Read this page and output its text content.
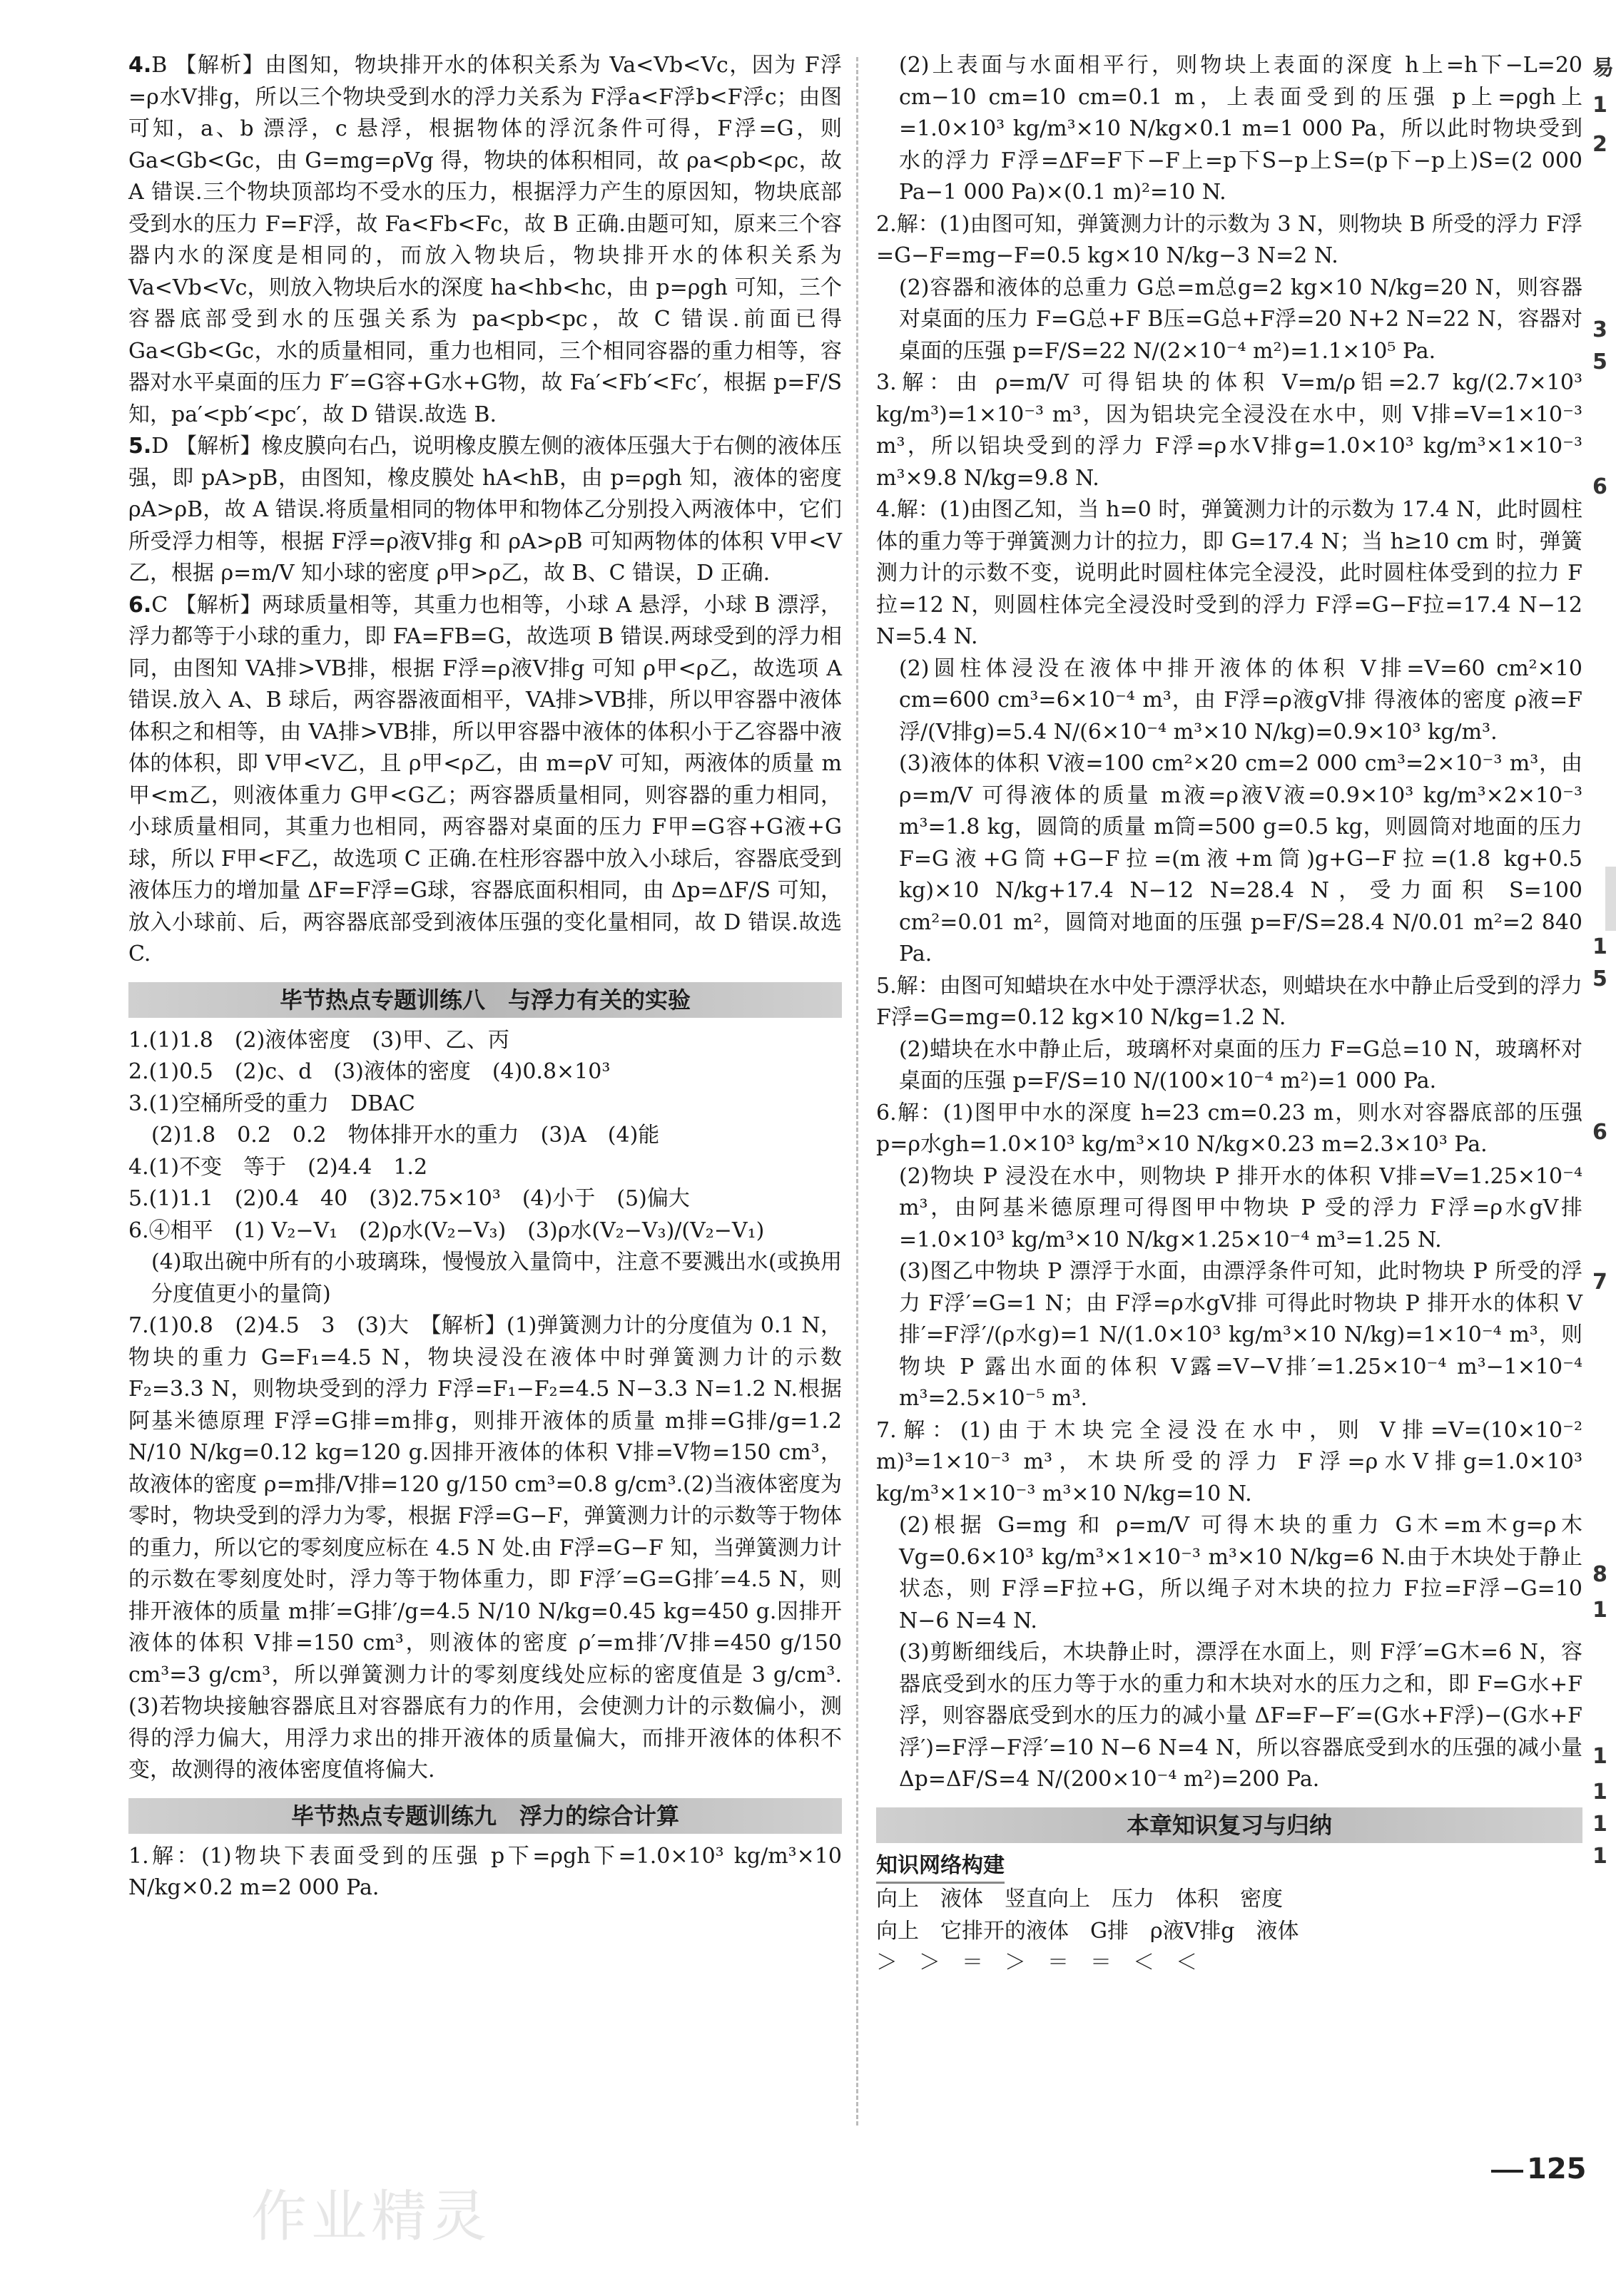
4.B 【解析】由图知，物块排开水的体积关系为 Va<Vb<Vc，因为 F浮=ρ水V排g，所以三个物块受到水的浮力关系为 F浮a<F浮b<F浮c；由图可知，a、b 漂浮，c 悬浮，根据物体的浮沉条件可得，F浮=G，则 Ga<Gb<Gc，由 G=mg=ρVg 得，物块的体积相同，故 ρa<ρb<ρc，故 A 错误.三个物块顶部均不受水的压力，根据浮力产生的原因知，物块底部受到水的压力 F=F浮，故 Fa<Fb<Fc，故 B 正确.由题可知，原来三个容器内水的深度是相同的，而放入物块后，物块排开水的体积关系为 Va<Vb<Vc，则放入物块后水的深度 ha<hb<hc，由 p=ρgh 可知，三个容器底部受到水的压强关系为 pa<pb<pc，故 C 错误.前面已得 Ga<Gb<Gc，水的质量相同，重力也相同，三个相同容器的重力相等，容器对水平桌面的压力 F′=G容+G水+G物，故 Fa′<Fb′<Fc′，根据 p=F/S 知，pa′<pb′<pc′，故 D 错误.故选 B.

5.D 【解析】橡皮膜向右凸，说明橡皮膜左侧的液体压强大于右侧的液体压强，即 pA>pB，由图知，橡皮膜处 hA<hB，由 p=ρgh 知，液体的密度 ρA>ρB，故 A 错误.将质量相同的物体甲和物体乙分别投入两液体中，它们所受浮力相等，根据 F浮=ρ液V排g 和 ρA>ρB 可知两物体的体积 V甲<V乙，根据 ρ=m/V 知小球的密度 ρ甲>ρ乙，故 B、C 错误，D 正确.

6.C 【解析】两球质量相等，其重力也相等，小球 A 悬浮，小球 B 漂浮，浮力都等于小球的重力，即 FA=FB=G，故选项 B 错误.两球受到的浮力相同，由图知 VA排>VB排，根据 F浮=ρ液V排g 可知 ρ甲<ρ乙，故选项 A 错误.放入 A、B 球后，两容器液面相平，VA排>VB排，所以甲容器中液体体积之和相等，由 VA排>VB排，所以甲容器中液体的体积小于乙容器中液体的体积，即 V甲<V乙，且 ρ甲<ρ乙，由 m=ρV 可知，两液体的质量 m甲<m乙，则液体重力 G甲<G乙；两容器质量相同，则容器的重力相同，小球质量相同，其重力也相同，两容器对桌面的压力 F甲=G容+G液+G球，所以 F甲<F乙，故选项 C 正确.在柱形容器中放入小球后，容器底受到液体压力的增加量 ΔF=F浮=G球，容器底面积相同，由 Δp=ΔF/S 可知，放入小球前、后，两容器底部受到液体压强的变化量相同，故 D 错误.故选 C.

毕节热点专题训练八　与浮力有关的实验

1.(1)1.8　(2)液体密度　(3)甲、乙、丙

2.(1)0.5　(2)c、d　(3)液体的密度　(4)0.8×10³

3.(1)空桶所受的重力　DBAC

(2)1.8　0.2　0.2　物体排开水的重力　(3)A　(4)能

4.(1)不变　等于　(2)4.4　1.2

5.(1)1.1　(2)0.4　40　(3)2.75×10³　(4)小于　(5)偏大

6.④相平　(1) V₂−V₁　(2)ρ水(V₂−V₃)　(3)ρ水(V₂−V₃)/(V₂−V₁)

(4)取出碗中所有的小玻璃珠，慢慢放入量筒中，注意不要溅出水(或换用分度值更小的量筒)

7.(1)0.8　(2)4.5　3　(3)大　【解析】(1)弹簧测力计的分度值为 0.1 N，物块的重力 G=F₁=4.5 N，物块浸没在液体中时弹簧测力计的示数 F₂=3.3 N，则物块受到的浮力 F浮=F₁−F₂=4.5 N−3.3 N=1.2 N.根据阿基米德原理 F浮=G排=m排g，则排开液体的质量 m排=G排/g=1.2 N/10 N/kg=0.12 kg=120 g.因排开液体的体积 V排=V物=150 cm³，故液体的密度 ρ=m排/V排=120 g/150 cm³=0.8 g/cm³.(2)当液体密度为零时，物块受到的浮力为零，根据 F浮=G−F，弹簧测力计的示数等于物体的重力，所以它的零刻度应标在 4.5 N 处.由 F浮=G−F 知，当弹簧测力计的示数在零刻度处时，浮力等于物体重力，即 F浮′=G=G排′=4.5 N，则排开液体的质量 m排′=G排′/g=4.5 N/10 N/kg=0.45 kg=450 g.因排开液体的体积 V排=150 cm³，则液体的密度 ρ′=m排′/V排=450 g/150 cm³=3 g/cm³，所以弹簧测力计的零刻度线处应标的密度值是 3 g/cm³.(3)若物块接触容器底且对容器底有力的作用，会使测力计的示数偏小，测得的浮力偏大，用浮力求出的排开液体的质量偏大，而排开液体的体积不变，故测得的液体密度值将偏大.

毕节热点专题训练九　浮力的综合计算

1.解：(1)物块下表面受到的压强 p下=ρgh下=1.0×10³ kg/m³×10 N/kg×0.2 m=2 000 Pa.

(2)上表面与水面相平行，则物块上表面的深度 h上=h下−L=20 cm−10 cm=10 cm=0.1 m，上表面受到的压强 p上=ρgh上=1.0×10³ kg/m³×10 N/kg×0.1 m=1 000 Pa，所以此时物块受到水的浮力 F浮=ΔF=F下−F上=p下S−p上S=(p下−p上)S=(2 000 Pa−1 000 Pa)×(0.1 m)²=10 N.

2.解：(1)由图可知，弹簧测力计的示数为 3 N，则物块 B 所受的浮力 F浮=G−F=mg−F=0.5 kg×10 N/kg−3 N=2 N.

(2)容器和液体的总重力 G总=m总g=2 kg×10 N/kg=20 N，则容器对桌面的压力 F=G总+F B压=G总+F浮=20 N+2 N=22 N，容器对桌面的压强 p=F/S=22 N/(2×10⁻⁴ m²)=1.1×10⁵ Pa.

3.解：由 ρ=m/V 可得铝块的体积 V=m/ρ铝=2.7 kg/(2.7×10³ kg/m³)=1×10⁻³ m³，因为铝块完全浸没在水中，则 V排=V=1×10⁻³ m³，所以铝块受到的浮力 F浮=ρ水V排g=1.0×10³ kg/m³×1×10⁻³ m³×9.8 N/kg=9.8 N.

4.解：(1)由图乙知，当 h=0 时，弹簧测力计的示数为 17.4 N，此时圆柱体的重力等于弹簧测力计的拉力，即 G=17.4 N；当 h≥10 cm 时，弹簧测力计的示数不变，说明此时圆柱体完全浸没，此时圆柱体受到的拉力 F拉=12 N，则圆柱体完全浸没时受到的浮力 F浮=G−F拉=17.4 N−12 N=5.4 N.

(2)圆柱体浸没在液体中排开液体的体积 V排=V=60 cm²×10 cm=600 cm³=6×10⁻⁴ m³，由 F浮=ρ液gV排 得液体的密度 ρ液=F浮/(V排g)=5.4 N/(6×10⁻⁴ m³×10 N/kg)=0.9×10³ kg/m³.

(3)液体的体积 V液=100 cm²×20 cm=2 000 cm³=2×10⁻³ m³，由 ρ=m/V 可得液体的质量 m液=ρ液V液=0.9×10³ kg/m³×2×10⁻³ m³=1.8 kg，圆筒的质量 m筒=500 g=0.5 kg，则圆筒对地面的压力 F=G液+G筒+G−F拉=(m液+m筒)g+G−F拉=(1.8 kg+0.5 kg)×10 N/kg+17.4 N−12 N=28.4 N，受力面积 S=100 cm²=0.01 m²，圆筒对地面的压强 p=F/S=28.4 N/0.01 m²=2 840 Pa.

5.解：由图可知蜡块在水中处于漂浮状态，则蜡块在水中静止后受到的浮力 F浮=G=mg=0.12 kg×10 N/kg=1.2 N.

(2)蜡块在水中静止后，玻璃杯对桌面的压力 F=G总=10 N，玻璃杯对桌面的压强 p=F/S=10 N/(100×10⁻⁴ m²)=1 000 Pa.

6.解：(1)图甲中水的深度 h=23 cm=0.23 m，则水对容器底部的压强 p=ρ水gh=1.0×10³ kg/m³×10 N/kg×0.23 m=2.3×10³ Pa.

(2)物块 P 浸没在水中，则物块 P 排开水的体积 V排=V=1.25×10⁻⁴ m³，由阿基米德原理可得图甲中物块 P 受的浮力 F浮=ρ水gV排=1.0×10³ kg/m³×10 N/kg×1.25×10⁻⁴ m³=1.25 N.

(3)图乙中物块 P 漂浮于水面，由漂浮条件可知，此时物块 P 所受的浮力 F浮′=G=1 N；由 F浮=ρ水gV排 可得此时物块 P 排开水的体积 V排′=F浮′/(ρ水g)=1 N/(1.0×10³ kg/m³×10 N/kg)=1×10⁻⁴ m³，则物块 P 露出水面的体积 V露=V−V排′=1.25×10⁻⁴ m³−1×10⁻⁴ m³=2.5×10⁻⁵ m³.

7.解：(1)由于木块完全浸没在水中，则 V排=V=(10×10⁻² m)³=1×10⁻³ m³，木块所受的浮力 F浮=ρ水V排g=1.0×10³ kg/m³×1×10⁻³ m³×10 N/kg=10 N.

(2)根据 G=mg 和 ρ=m/V 可得木块的重力 G木=m木g=ρ木Vg=0.6×10³ kg/m³×1×10⁻³ m³×10 N/kg=6 N.由于木块处于静止状态，则 F浮=F拉+G，所以绳子对木块的拉力 F拉=F浮−G=10 N−6 N=4 N.

(3)剪断细线后，木块静止时，漂浮在水面上，则 F浮′=G木=6 N，容器底受到水的压力等于水的重力和木块对水的压力之和，即 F=G水+F浮，则容器底受到水的压力的减小量 ΔF=F−F′=(G水+F浮)−(G水+F浮′)=F浮−F浮′=10 N−6 N=4 N，所以容器底受到水的压强的减小量 Δp=ΔF/S=4 N/(200×10⁻⁴ m²)=200 Pa.

本章知识复习与归纳
知识网络构建

向上　液体　竖直向上　压力　体积　密度

向上　它排开的液体　G排　ρ液V排g　液体

＞　＞　＝　＞　＝　＝　＜　＜

易
1
2
3
5
6
1
5
6
7
8
1
1
1
1
1
125
作业精灵
